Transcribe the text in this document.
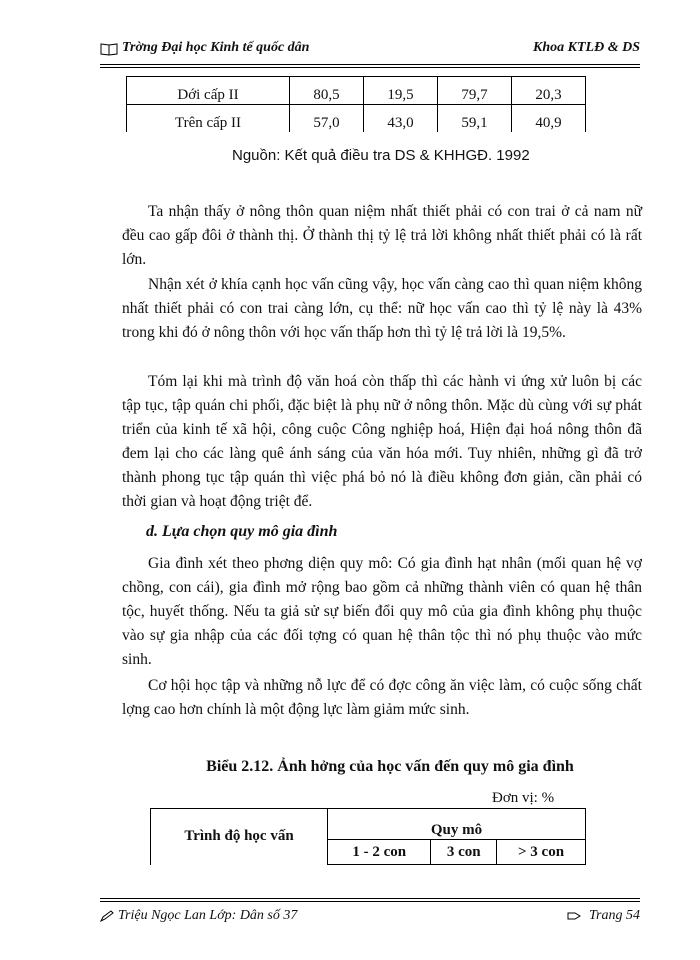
Trờng Đại học Kinh tế quốc dân	Khoa KTLĐ & DS
Dới cấp II	80,5	19,5	79,7	20,3
Trên cấp II	57,0	43,0	59,1	40,9
Nguồn: Kết quả điều tra DS & KHHGĐ. 1992

Ta nhận thấy ở nông thôn quan niệm nhất thiết phải có con trai ở cả nam nữ đều cao gấp đôi ở thành thị. Ở thành thị tỷ lệ trả lời không nhất thiết phải có là rất lớn.

Nhận xét ở khía cạnh học vấn cũng vậy, học vấn càng cao thì quan niệm không nhất thiết phải có con trai càng lớn, cụ thể: nữ học vấn cao thì tỷ lệ này là 43% trong khi đó ở nông thôn với học vấn thấp hơn thì tỷ lệ trả lời là 19,5%.

Tóm lại khi mà trình độ văn hoá còn thấp thì các hành vi ứng xử luôn bị các tập tục, tập quán chi phối, đặc biệt là phụ nữ ở nông thôn. Mặc dù cùng với sự phát triển của kinh tế xã hội, công cuộc Công nghiệp hoá, Hiện đại hoá nông thôn đã đem lại cho các làng quê ánh sáng của văn hóa mới. Tuy nhiên, những gì đã trở thành phong tục tập quán thì việc phá bỏ nó là điều không đơn giản, cần phải có thời gian và hoạt động triệt để.

d. Lựa chọn quy mô gia đình

Gia đình xét theo phơng diện quy mô: Có gia đình hạt nhân (mối quan hệ vợ chồng, con cái), gia đình mở rộng bao gồm cả những thành viên có quan hệ thân tộc, huyết thống. Nếu ta giả sử sự biến đổi quy mô của gia đình không phụ thuộc vào sự gia nhập của các đối tợng có quan hệ thân tộc thì nó phụ thuộc vào mức sinh.

Cơ hội học tập và những nỗ lực để có đợc công ăn việc làm, có cuộc sống chất lợng cao hơn chính là một động lực làm giảm mức sinh.

Biểu 2.12. Ảnh hởng của học vấn đến quy mô gia đình
Đơn vị: %
Trình độ học vấn	Quy mô		
	1 - 2 con	3 con	> 3 con
Triệu Ngọc Lan Lớp: Dân số 37	Trang 54
